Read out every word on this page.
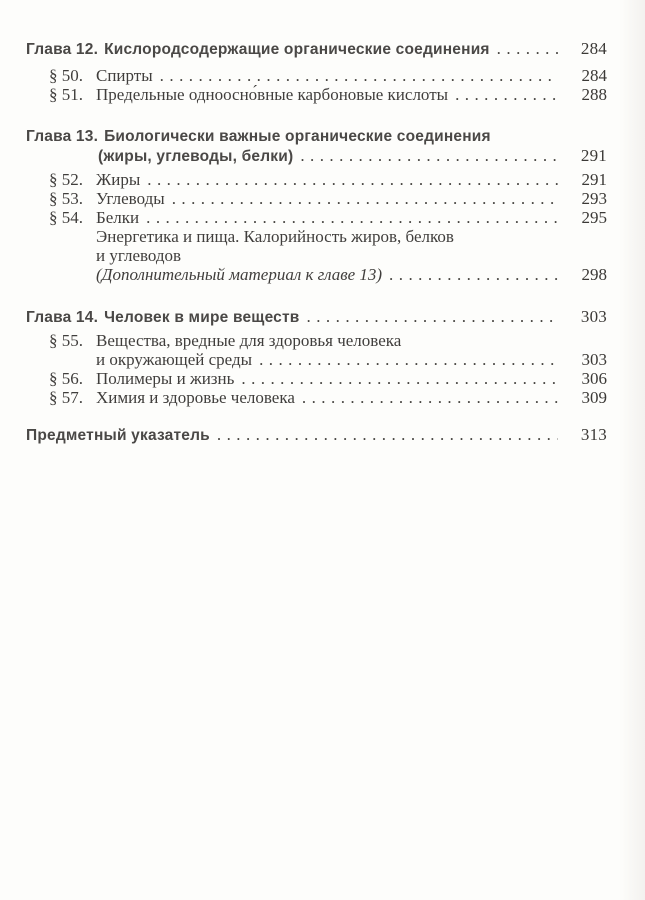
Глава 12. Кислородсодержащие органические соединения . . .	284
§ 50. Спирты . . .	284
§ 51. Предельные одноосно́вные карбоновые кислоты . . .	288
Глава 13. Биологически важные органические соединения
(жиры, углеводы, белки) . . .	291
§ 52. Жиры . . .	291
§ 53. Углеводы . . .	293
§ 54. Белки . . .	295
Энергетика и пища. Калорийность жиров, белков
и углеводов
(Дополнительный материал к главе 13) . . .	298
Глава 14. Человек в мире веществ . . .	303
§ 55. Вещества, вредные для здоровья человека
и окружающей среды . . .	303
§ 56. Полимеры и жизнь . . .	306
§ 57. Химия и здоровье человека . . .	309
Предметный указатель . . .	313
